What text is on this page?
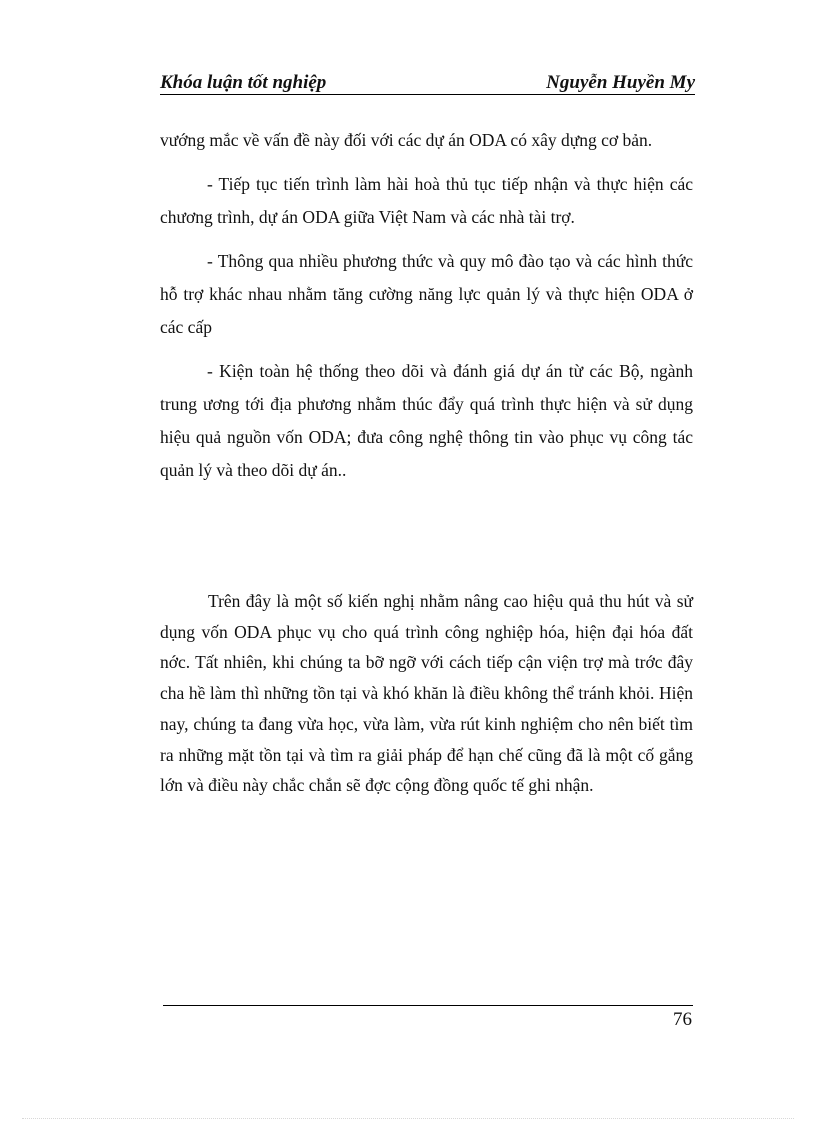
Khóa luận tốt nghiệp	Nguyễn Huyền My

vướng mắc về vấn đề này đối với các dự án ODA có xây dựng cơ bản.

- Tiếp tục tiến trình làm hài hoà thủ tục tiếp nhận và thực hiện các chương trình, dự án ODA giữa Việt Nam và các nhà tài trợ.

- Thông qua nhiều phương thức và quy mô đào tạo và các hình thức hỗ trợ khác nhau nhằm tăng cường năng lực quản lý và thực hiện ODA ở các cấp

- Kiện toàn hệ thống theo dõi và đánh giá dự án từ các Bộ, ngành trung ương tới địa phương nhằm thúc đẩy quá trình thực hiện và sử dụng hiệu quả nguồn vốn ODA; đưa công nghệ thông tin vào phục vụ công tác quản lý và theo dõi dự án..

Trên đây là một số kiến nghị nhằm nâng cao hiệu quả thu hút và sử dụng vốn ODA phục vụ cho quá trình công nghiệp hóa, hiện đại hóa đất nớc. Tất nhiên, khi chúng ta bỡ ngỡ với cách tiếp cận viện trợ mà trớc đây cha hề làm thì những tồn tại và khó khăn là điều không thể tránh khỏi. Hiện nay, chúng ta đang vừa học, vừa làm, vừa rút kinh nghiệm cho nên biết tìm ra những mặt tồn tại và tìm ra giải pháp để hạn chế cũng đã là một cố gắng lớn và điều này chắc chắn sẽ đợc cộng đồng quốc tế ghi nhận.

76
